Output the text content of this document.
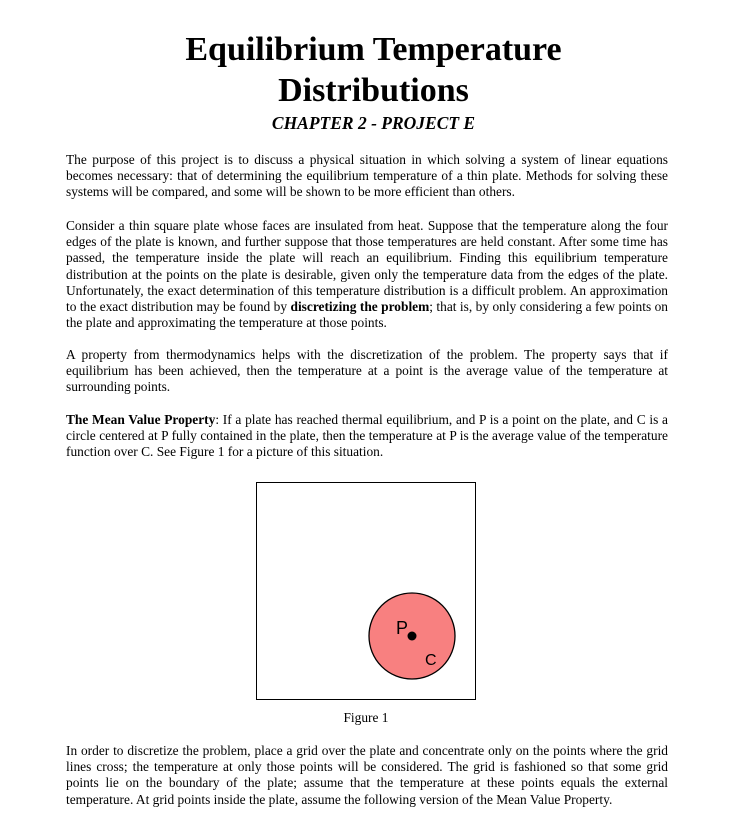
Equilibrium Temperature
Distributions
CHAPTER 2 - PROJECT E

The purpose of this project is to discuss a physical situation in which solving a system of linear equations becomes necessary: that of determining the equilibrium temperature of a thin plate. Methods for solving these systems will be compared, and some will be shown to be more efficient than others.

Consider a thin square plate whose faces are insulated from heat. Suppose that the temperature along the four edges of the plate is known, and further suppose that those temperatures are held constant. After some time has passed, the temperature inside the plate will reach an equilibrium. Finding this equilibrium temperature distribution at the points on the plate is desirable, given only the temperature data from the edges of the plate. Unfortunately, the exact determination of this temperature distribution is a difficult problem. An approximation to the exact distribution may be found by discretizing the problem; that is, by only considering a few points on the plate and approximating the temperature at those points.

A property from thermodynamics helps with the discretization of the problem. The property says that if equilibrium has been achieved, then the temperature at a point is the average value of the temperature at surrounding points.

The Mean Value Property: If a plate has reached thermal equilibrium, and P is a point on the plate, and C is a circle centered at P fully contained in the plate, then the temperature at P is the average value of the temperature function over C. See Figure 1 for a picture of this situation.

P
C

Figure 1

In order to discretize the problem, place a grid over the plate and concentrate only on the points where the grid lines cross; the temperature at only those points will be considered. The grid is fashioned so that some grid points lie on the boundary of the plate; assume that the temperature at these points equals the external temperature. At grid points inside the plate, assume the following version of the Mean Value Property.
